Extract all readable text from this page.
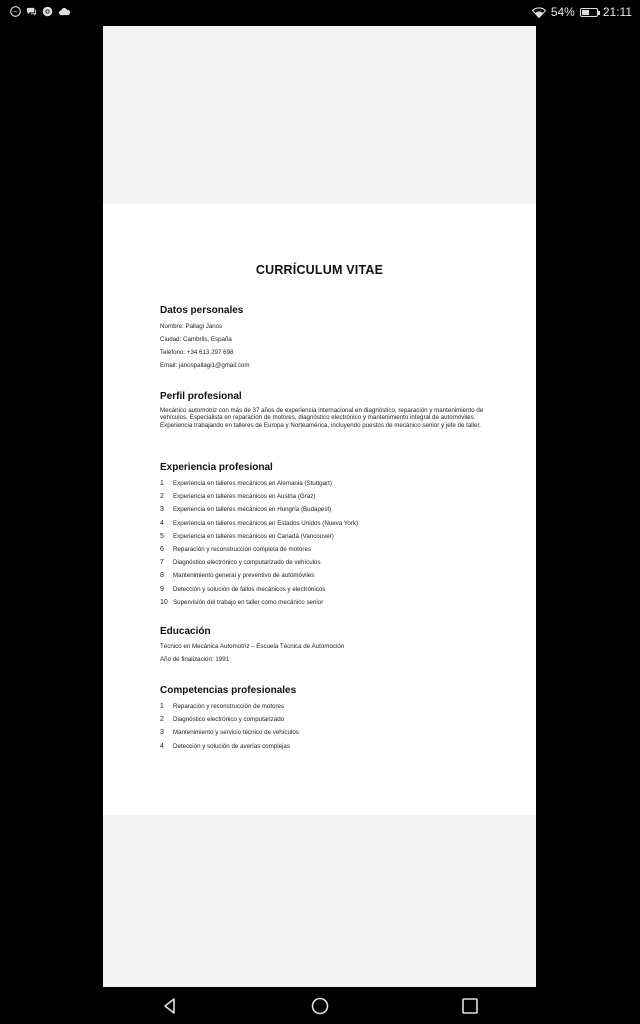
54% 21:11
CURRÍCULUM VITAE
Datos personales
Nombre: Pallagi Janos
Ciudad: Cambrils, España
Teléfono: +34 613 297 698
Email: janospallagi1@gmail.com
Perfil profesional
Mecánico automotriz con más de 37 años de experiencia internacional en diagnóstico, reparación y mantenimiento de vehículos. Especialista en reparación de motores, diagnóstico electrónico y mantenimiento integral de automóviles. Experiencia trabajando en talleres de Europa y Norteamérica, incluyendo puestos de mecánico senior y jefe de taller.
Experiencia profesional
1	Experiencia en talleres mecánicos en Alemania (Stuttgart)
2	Experiencia en talleres mecánicos en Austria (Graz)
3	Experiencia en talleres mecánicos en Hungría (Budapest)
4	Experiencia en talleres mecánicos en Estados Unidos (Nueva York)
5	Experiencia en talleres mecánicos en Canadá (Vancouver)
6	Reparación y reconstrucción completa de motores
7	Diagnóstico electrónico y computarizado de vehículos
8	Mantenimiento general y preventivo de automóviles
9	Detección y solución de fallos mecánicos y electrónicos
10 Supervisión del trabajo en taller como mecánico senior
Educación
Técnico en Mecánica Automotriz – Escuela Técnica de Automoción
Año de finalización: 1991
Competencias profesionales
1	Reparación y reconstrucción de motores
2	Diagnóstico electrónico y computarizado
3	Mantenimiento y servicio técnico de vehículos
4	Detección y solución de averías complejas
